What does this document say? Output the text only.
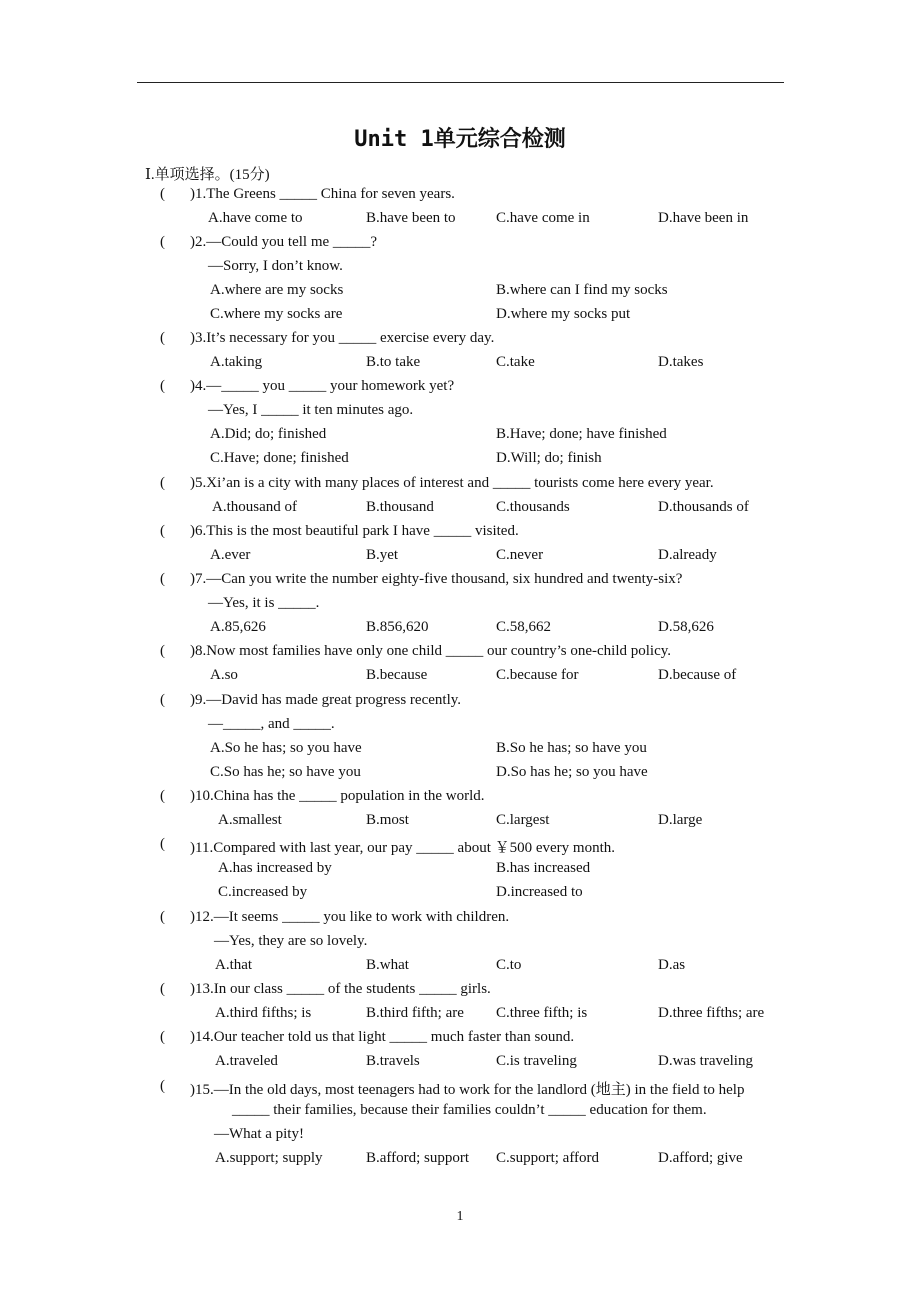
Unit 1单元综合检测
Ⅰ.单项选择。(15分)
( )1.The Greens _____ China for seven years.
A.have come to	B.have been to	C.have come in	D.have been in
( )2.—Could you tell me _____?
—Sorry, I don’t know.
A.where are my socks	B.where can I find my socks
C.where my socks are	D.where my socks put
( )3.It’s necessary for you _____ exercise every day.
A.taking	B.to take	C.take	D.takes
( )4.—_____ you _____ your homework yet?
—Yes, I _____ it ten minutes ago.
A.Did; do; finished	B.Have; done; have finished
C.Have; done; finished	D.Will; do; finish
( )5.Xi’an is a city with many places of interest and _____ tourists come here every year.
A.thousand of	B.thousand	C.thousands	D.thousands of
( )6.This is the most beautiful park I have _____ visited.
A.ever	B.yet	C.never	D.already
( )7.—Can you write the number eighty-five thousand, six hundred and twenty-six?
—Yes, it is _____.
A.85,626	B.856,620	C.58,662	D.58,626
( )8.Now most families have only one child _____ our country’s one-child policy.
A.so	B.because	C.because for	D.because of
( )9.—David has made great progress recently.
—_____, and _____.
A.So he has; so you have	B.So he has; so have you
C.So has he; so have you	D.So has he; so you have
( )10.China has the _____ population in the world.
A.smallest	B.most	C.largest	D.large
( )11.Compared with last year, our pay _____ about ￥500 every month.
A.has increased by	B.has increased
C.increased by	D.increased to
( )12.—It seems _____ you like to work with children.
—Yes, they are so lovely.
A.that	B.what	C.to	D.as
( )13.In our class _____ of the students _____ girls.
A.third fifths; is	B.third fifth; are C.three fifth; is	D.three fifths; are
( )14.Our teacher told us that light _____ much faster than sound.
A.traveled	B.travels	C.is traveling	D.was traveling
( )15.—In the old days, most teenagers had to work for the landlord (地主) in the field to help
_____ their families, because their families couldn’t _____ education for them.
—What a pity!
A.support; supply	B.afford; support C.support; afford	D.afford; give
1
